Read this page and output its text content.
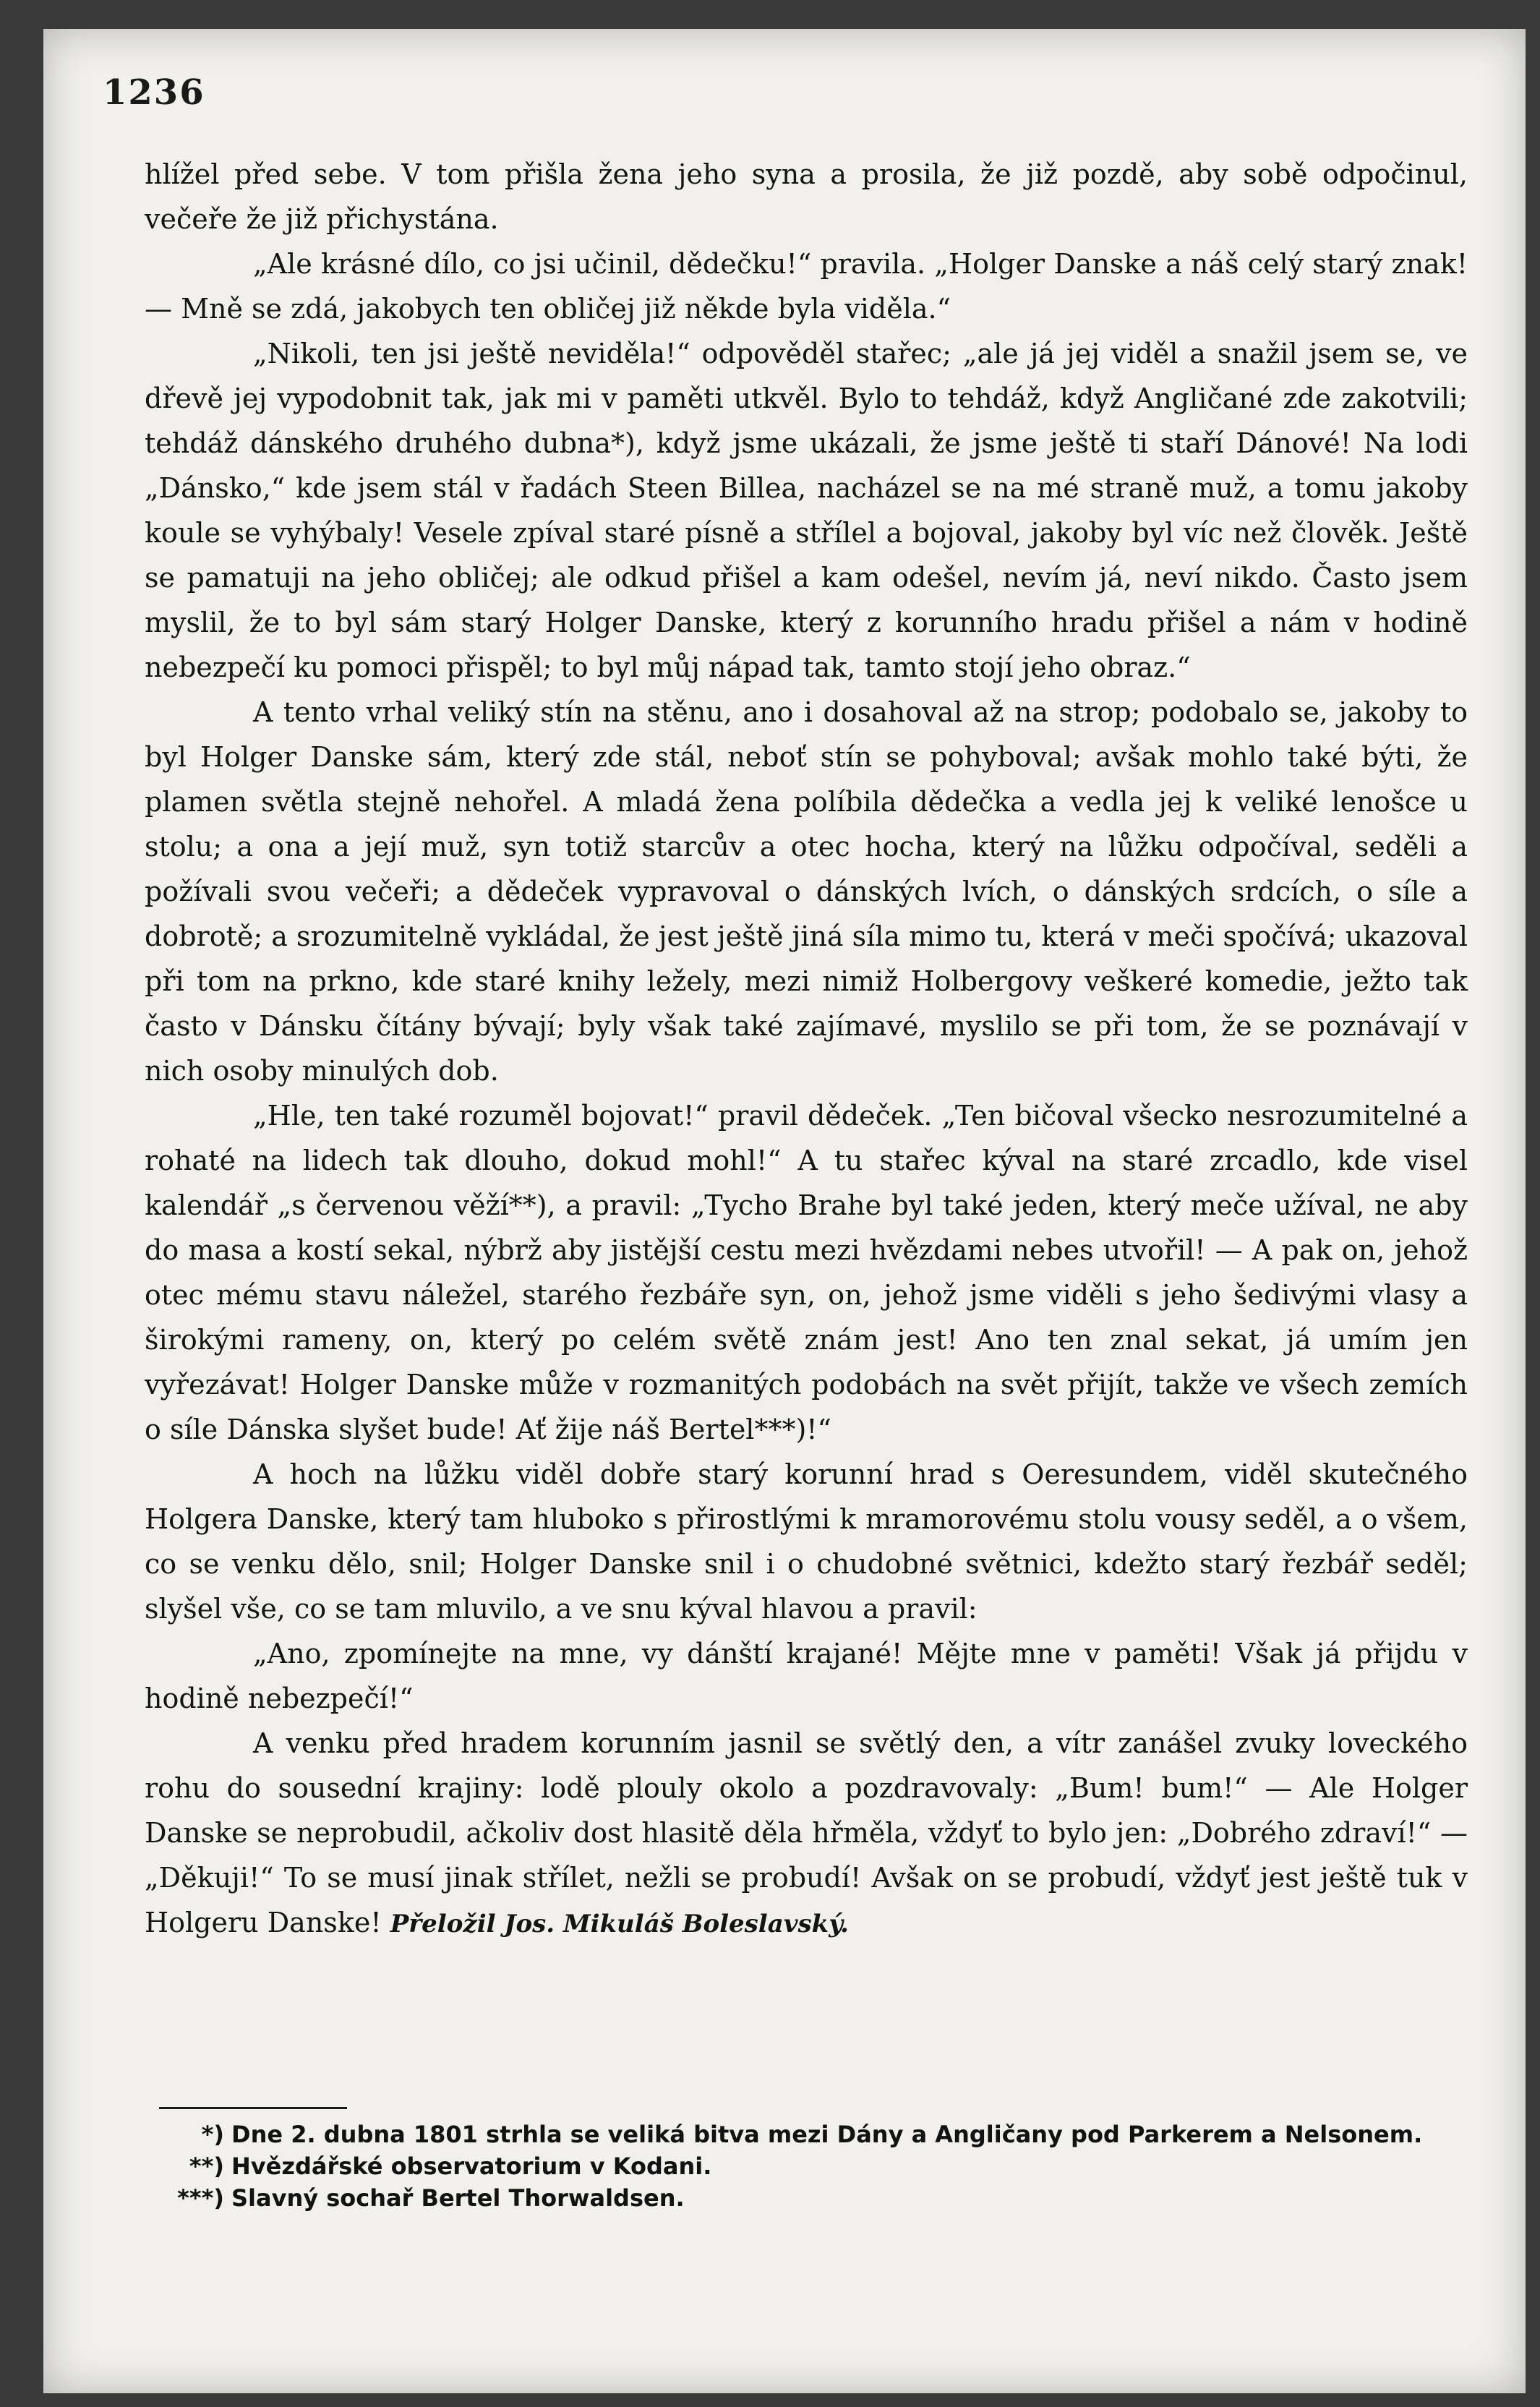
1236

hlížel před sebe. V tom přišla žena jeho syna a prosila, že již pozdě, aby sobě odpočinul, večeře že již přichystána.

„Ale krásné dílo, co jsi učinil, dědečku!“ pravila. „Holger Danske a náš celý starý znak! — Mně se zdá, jakobych ten obličej již někde byla viděla.“

„Nikoli, ten jsi ještě neviděla!“ odpověděl stařec; „ale já jej viděl a snažil jsem se, ve dřevě jej vypodobnit tak, jak mi v paměti utkvěl. Bylo to tehdáž, když Angličané zde zakotvili; tehdáž dánského druhého dubna*), když jsme ukázali, že jsme ještě ti staří Dánové! Na lodi „Dánsko,“ kde jsem stál v řadách Steen Billea, nacházel se na mé straně muž, a tomu jakoby koule se vyhýbaly! Vesele zpíval staré písně a střílel a bojoval, jakoby byl víc než člověk. Ještě se pamatuji na jeho obličej; ale odkud přišel a kam odešel, nevím já, neví nikdo. Často jsem myslil, že to byl sám starý Holger Danske, který z korunního hradu přišel a nám v hodině nebezpečí ku pomoci přispěl; to byl můj nápad tak, tamto stojí jeho obraz.“

A tento vrhal veliký stín na stěnu, ano i dosahoval až na strop; podobalo se, jakoby to byl Holger Danske sám, který zde stál, neboť stín se pohyboval; avšak mohlo také býti, že plamen světla stejně nehořel. A mladá žena políbila dědečka a vedla jej k veliké lenošce u stolu; a ona a její muž, syn totiž starcův a otec hocha, který na lůžku odpočíval, seděli a požívali svou večeři; a dědeček vypravoval o dánských lvích, o dánských srdcích, o síle a dobrotě; a srozumitelně vykládal, že jest ještě jiná síla mimo tu, která v meči spočívá; ukazoval při tom na prkno, kde staré knihy ležely, mezi nimiž Holbergovy veškeré komedie, ježto tak často v Dánsku čítány bývají; byly však také zajímavé, myslilo se při tom, že se poznávají v nich osoby minulých dob.

„Hle, ten také rozuměl bojovat!“ pravil dědeček. „Ten bičoval všecko nesrozumitelné a rohaté na lidech tak dlouho, dokud mohl!“ A tu stařec kýval na staré zrcadlo, kde visel kalendář „s červenou věží**), a pravil: „Tycho Brahe byl také jeden, který meče užíval, ne aby do masa a kostí sekal, nýbrž aby jistější cestu mezi hvězdami nebes utvořil! — A pak on, jehož otec mému stavu náležel, starého řezbáře syn, on, jehož jsme viděli s jeho šedivými vlasy a širokými rameny, on, který po celém světě znám jest! Ano ten znal sekat, já umím jen vyřezávat! Holger Danske může v rozmanitých podobách na svět přijít, takže ve všech zemích o síle Dánska slyšet bude! Ať žije náš Bertel***)!“

A hoch na lůžku viděl dobře starý korunní hrad s Oeresundem, viděl skutečného Holgera Danske, který tam hluboko s přirostlými k mramorovému stolu vousy seděl, a o všem, co se venku dělo, snil; Holger Danske snil i o chudobné světnici, kdežto starý řezbář seděl; slyšel vše, co se tam mluvilo, a ve snu kýval hlavou a pravil:

„Ano, zpomínejte na mne, vy dánští krajané! Mějte mne v paměti! Však já přijdu v hodině nebezpečí!“

A venku před hradem korunním jasnil se světlý den, a vítr zanášel zvuky loveckého rohu do sousední krajiny: lodě plouly okolo a pozdravovaly: „Bum! bum!“ — Ale Holger Danske se neprobudil, ačkoliv dost hlasitě děla hřměla, vždyť to bylo jen: „Dobrého zdraví!“ — „Děkuji!“ To se musí jinak střílet, nežli se probudí! Avšak on se probudí, vždyť jest ještě tuk v Holgeru Danske! Přeložil Jos. Mikuláš Boleslavský.

*) Dne 2. dubna 1801 strhla se veliká bitva mezi Dány a Angličany pod Parkerem a Nelsonem.
**) Hvězdářské observatorium v Kodani.
***) Slavný sochař Bertel Thorwaldsen.
